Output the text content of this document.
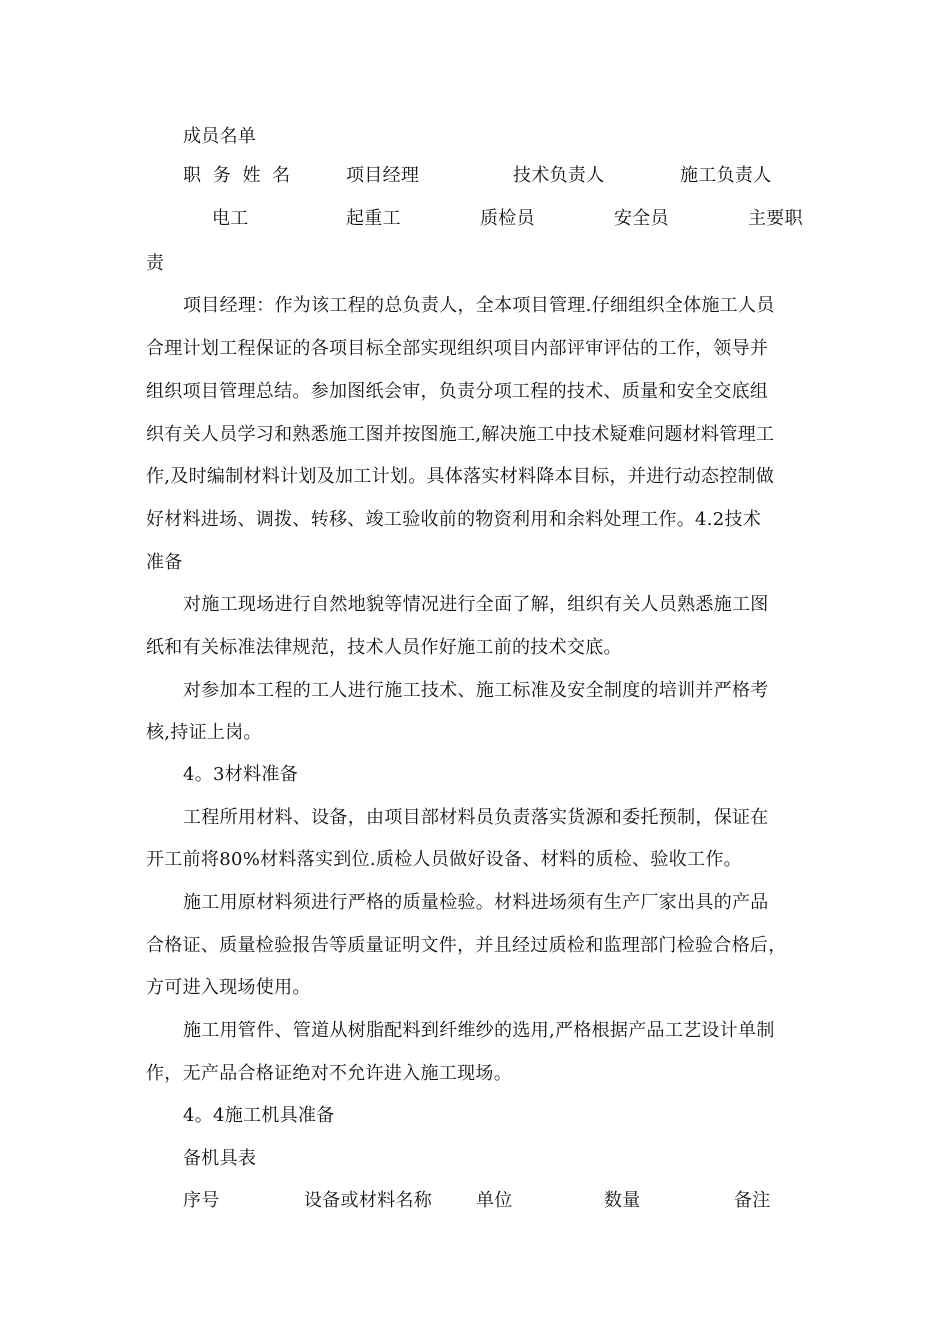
成员名单
职 务 姓 名	项目经理	技术负责人	施工负责人
电工	起重工	质检员	安全员	主要职
责
项目经理：作为该工程的总负责人，全本项目管理.仔细组织全体施工人员
合理计划工程保证的各项目标全部实现组织项目内部评审评估的工作，领导并
组织项目管理总结。参加图纸会审，负责分项工程的技术、质量和安全交底组
织有关人员学习和熟悉施工图并按图施工,解决施工中技术疑难问题材料管理工
作,及时编制材料计划及加工计划。具体落实材料降本目标，并进行动态控制做
好材料进场、调拨、转移、竣工验收前的物资利用和余料处理工作。4.2技术
准备
对施工现场进行自然地貌等情况进行全面了解，组织有关人员熟悉施工图
纸和有关标准法律规范，技术人员作好施工前的技术交底。
对参加本工程的工人进行施工技术、施工标准及安全制度的培训并严格考
核,持证上岗。
4。3材料准备
工程所用材料、设备，由项目部材料员负责落实货源和委托预制，保证在
开工前将80%材料落实到位.质检人员做好设备、材料的质检、验收工作。
施工用原材料须进行严格的质量检验。材料进场须有生产厂家出具的产品
合格证、质量检验报告等质量证明文件，并且经过质检和监理部门检验合格后，
方可进入现场使用。
施工用管件、管道从树脂配料到纤维纱的选用,严格根据产品工艺设计单制
作，无产品合格证绝对不允许进入施工现场。
4。4施工机具准备
备机具表
序号	设备或材料名称 单位	数量	备注
